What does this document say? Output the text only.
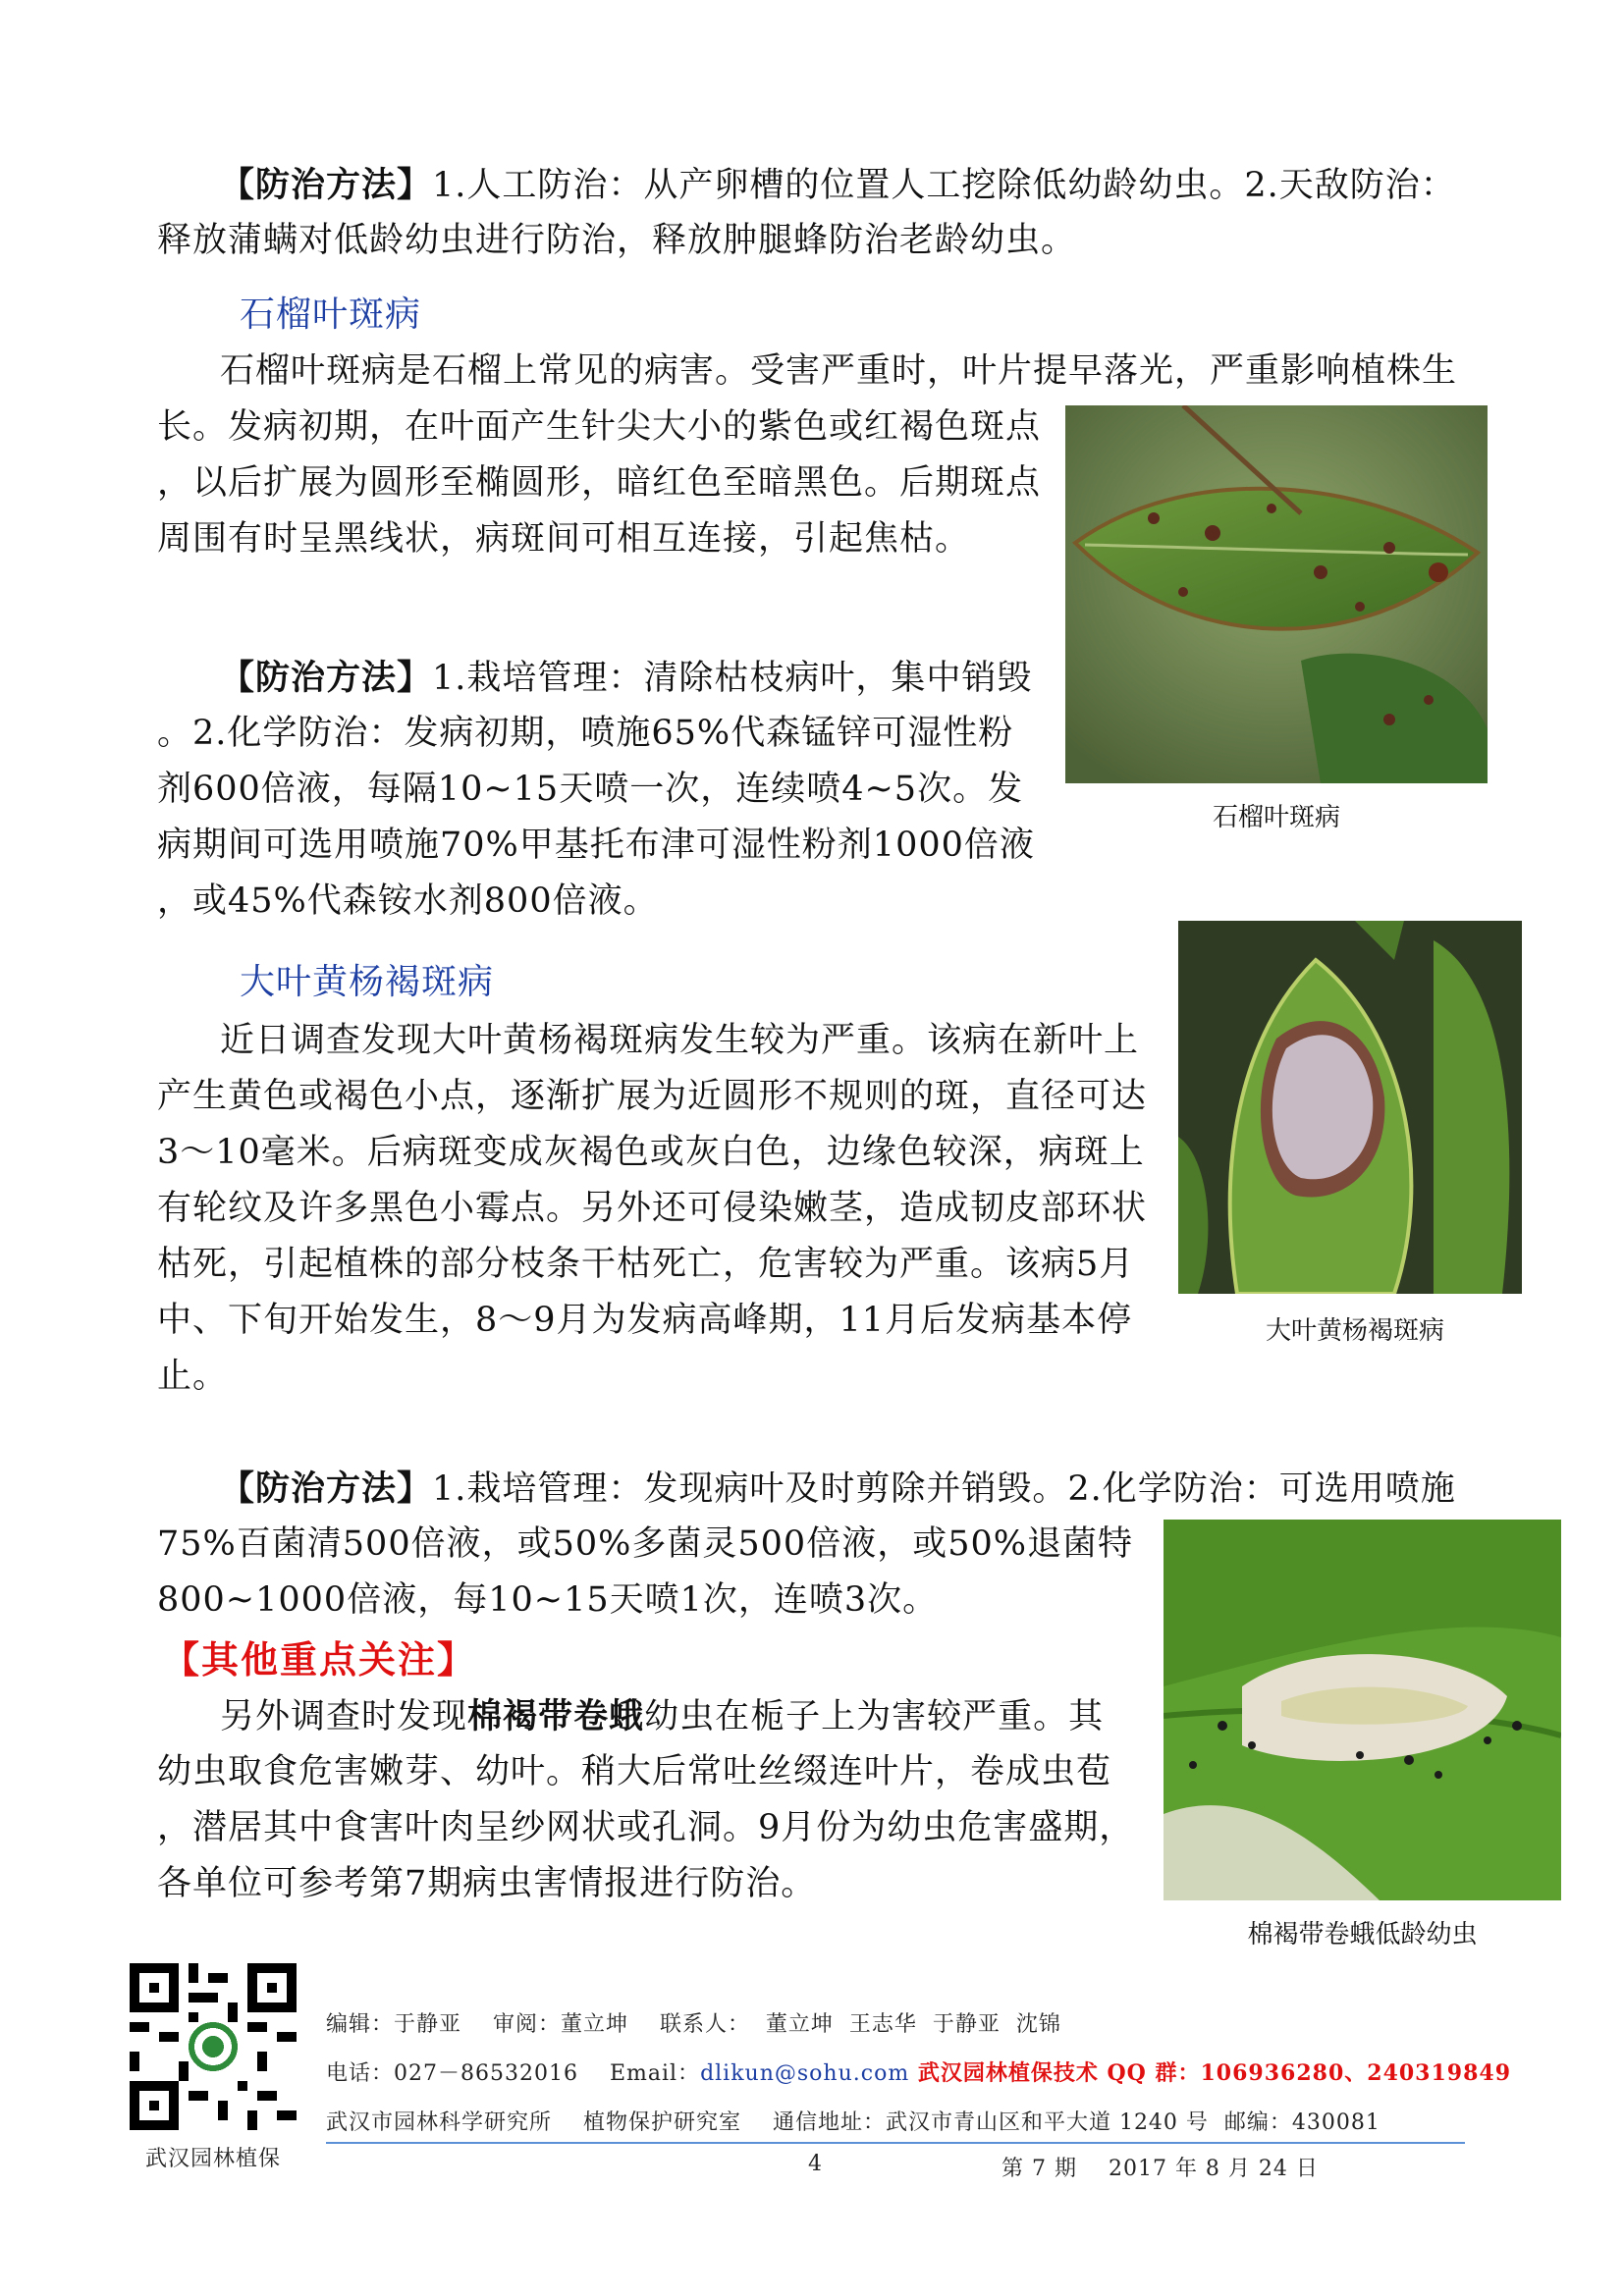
石榴叶斑病
石榴叶斑病
大叶黄杨褐斑病
大叶黄杨褐斑病
棉褐带卷蛾低龄幼虫
【其他重点关注】
武汉园林植保
编辑：于静亚    审阅：董立坤    联系人：  董立坤  王志华  于静亚  沈锦
电话：027－86532016    Email：dlikun@sohu.com 武汉园林植保技术 QQ 群：106936280、240319849
武汉市园林科学研究所    植物保护研究室    通信地址：武汉市青山区和平大道 1240 号  邮编：430081
4	第 7 期    2017 年 8 月 24 日
【防治方法】1.人工防治：从产卵槽的位置人工挖除低幼龄幼虫。2.天敌防治：
释放蒲螨对低龄幼虫进行防治，释放肿腿蜂防治老龄幼虫。
石榴叶斑病是石榴上常见的病害。受害严重时，叶片提早落光，严重影响植株生
长。发病初期，在叶面产生针尖大小的紫色或红褐色斑点
，以后扩展为圆形至椭圆形，暗红色至暗黑色。后期斑点
周围有时呈黑线状，病斑间可相互连接，引起焦枯。
【防治方法】1.栽培管理：清除枯枝病叶，集中销毁
。2.化学防治：发病初期，喷施65%代森锰锌可湿性粉
剂600倍液，每隔10~15天喷一次，连续喷4~5次。发
病期间可选用喷施70%甲基托布津可湿性粉剂1000倍液
，或45%代森铵水剂800倍液。
近日调查发现大叶黄杨褐斑病发生较为严重。该病在新叶上
产生黄色或褐色小点，逐渐扩展为近圆形不规则的斑，直径可达
3～10毫米。后病斑变成灰褐色或灰白色，边缘色较深，病斑上
有轮纹及许多黑色小霉点。另外还可侵染嫩茎，造成韧皮部环状
枯死，引起植株的部分枝条干枯死亡，危害较为严重。该病5月
中、下旬开始发生，8～9月为发病高峰期，11月后发病基本停
止。
【防治方法】1.栽培管理：发现病叶及时剪除并销毁。2.化学防治：可选用喷施
75%百菌清500倍液，或50%多菌灵500倍液，或50%退菌特
800~1000倍液，每10~15天喷1次，连喷3次。
另外调查时发现棉褐带卷蛾幼虫在栀子上为害较严重。其
幼虫取食危害嫩芽、幼叶。稍大后常吐丝缀连叶片，卷成虫苞
，潜居其中食害叶肉呈纱网状或孔洞。9月份为幼虫危害盛期，
各单位可参考第7期病虫害情报进行防治。
